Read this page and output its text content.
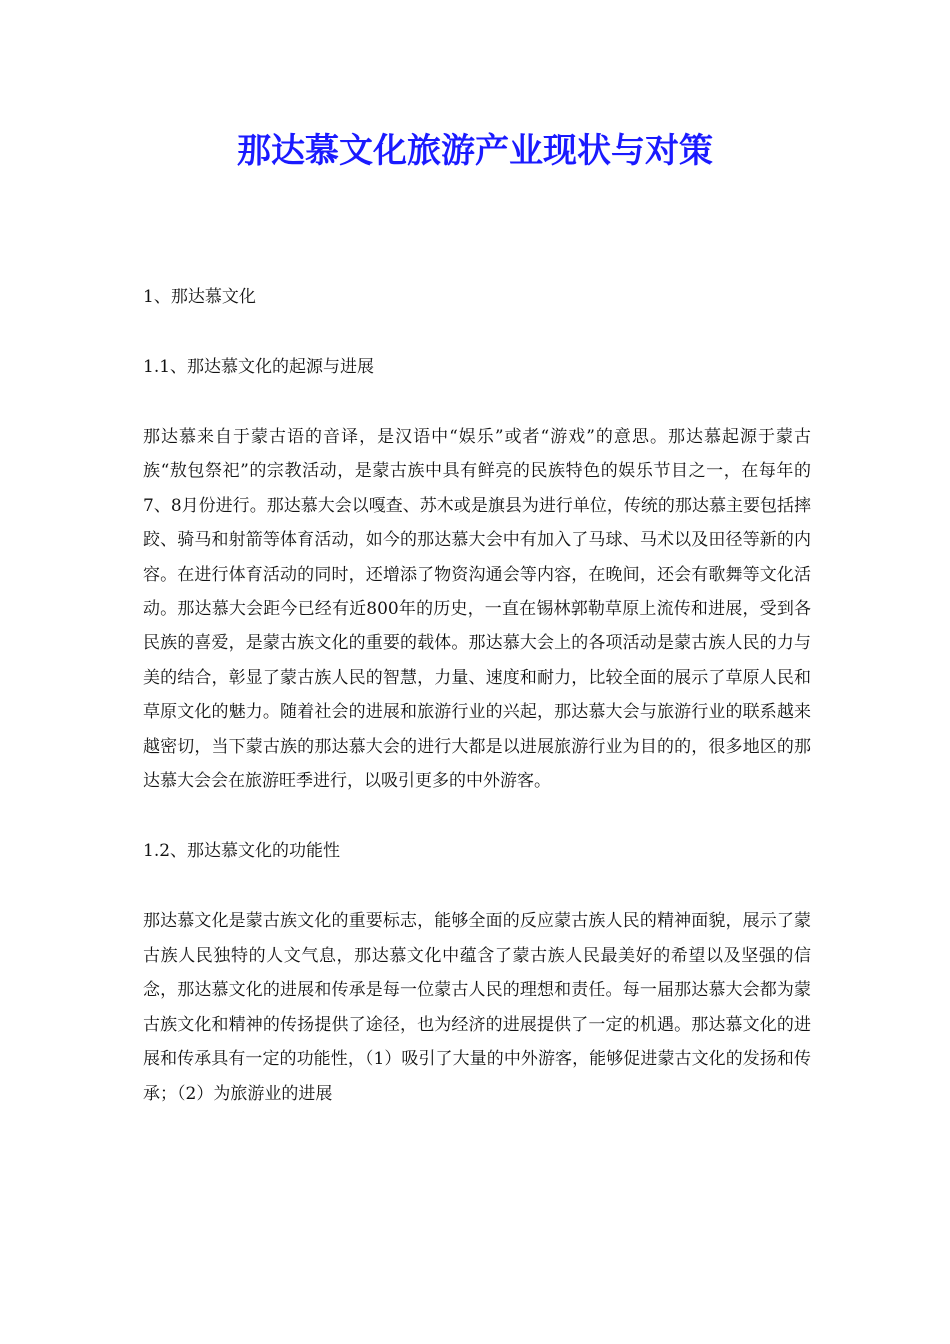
那达慕文化旅游产业现状与对策

1、那达慕文化

1.1、那达慕文化的起源与进展

那达慕来自于蒙古语的音译，是汉语中“娱乐”或者“游戏”的意思。那达慕起源于蒙古族“敖包祭祀”的宗教活动，是蒙古族中具有鲜亮的民族特色的娱乐节目之一，在每年的7、8月份进行。那达慕大会以嘎查、苏木或是旗县为进行单位，传统的那达慕主要包括摔跤、骑马和射箭等体育活动，如今的那达慕大会中有加入了马球、马术以及田径等新的内容。在进行体育活动的同时，还增添了物资沟通会等内容，在晚间，还会有歌舞等文化活动。那达慕大会距今已经有近800年的历史，一直在锡林郭勒草原上流传和进展，受到各民族的喜爱，是蒙古族文化的重要的载体。那达慕大会上的各项活动是蒙古族人民的力与美的结合，彰显了蒙古族人民的智慧，力量、速度和耐力，比较全面的展示了草原人民和草原文化的魅力。随着社会的进展和旅游行业的兴起，那达慕大会与旅游行业的联系越来越密切，当下蒙古族的那达慕大会的进行大都是以进展旅游行业为目的的，很多地区的那达慕大会会在旅游旺季进行，以吸引更多的中外游客。

1.2、那达慕文化的功能性

那达慕文化是蒙古族文化的重要标志，能够全面的反应蒙古族人民的精神面貌，展示了蒙古族人民独特的人文气息，那达慕文化中蕴含了蒙古族人民最美好的希望以及坚强的信念，那达慕文化的进展和传承是每一位蒙古人民的理想和责任。每一届那达慕大会都为蒙古族文化和精神的传扬提供了途径，也为经济的进展提供了一定的机遇。那达慕文化的进展和传承具有一定的功能性，（1）吸引了大量的中外游客，能够促进蒙古文化的发扬和传承；（2）为旅游业的进展
